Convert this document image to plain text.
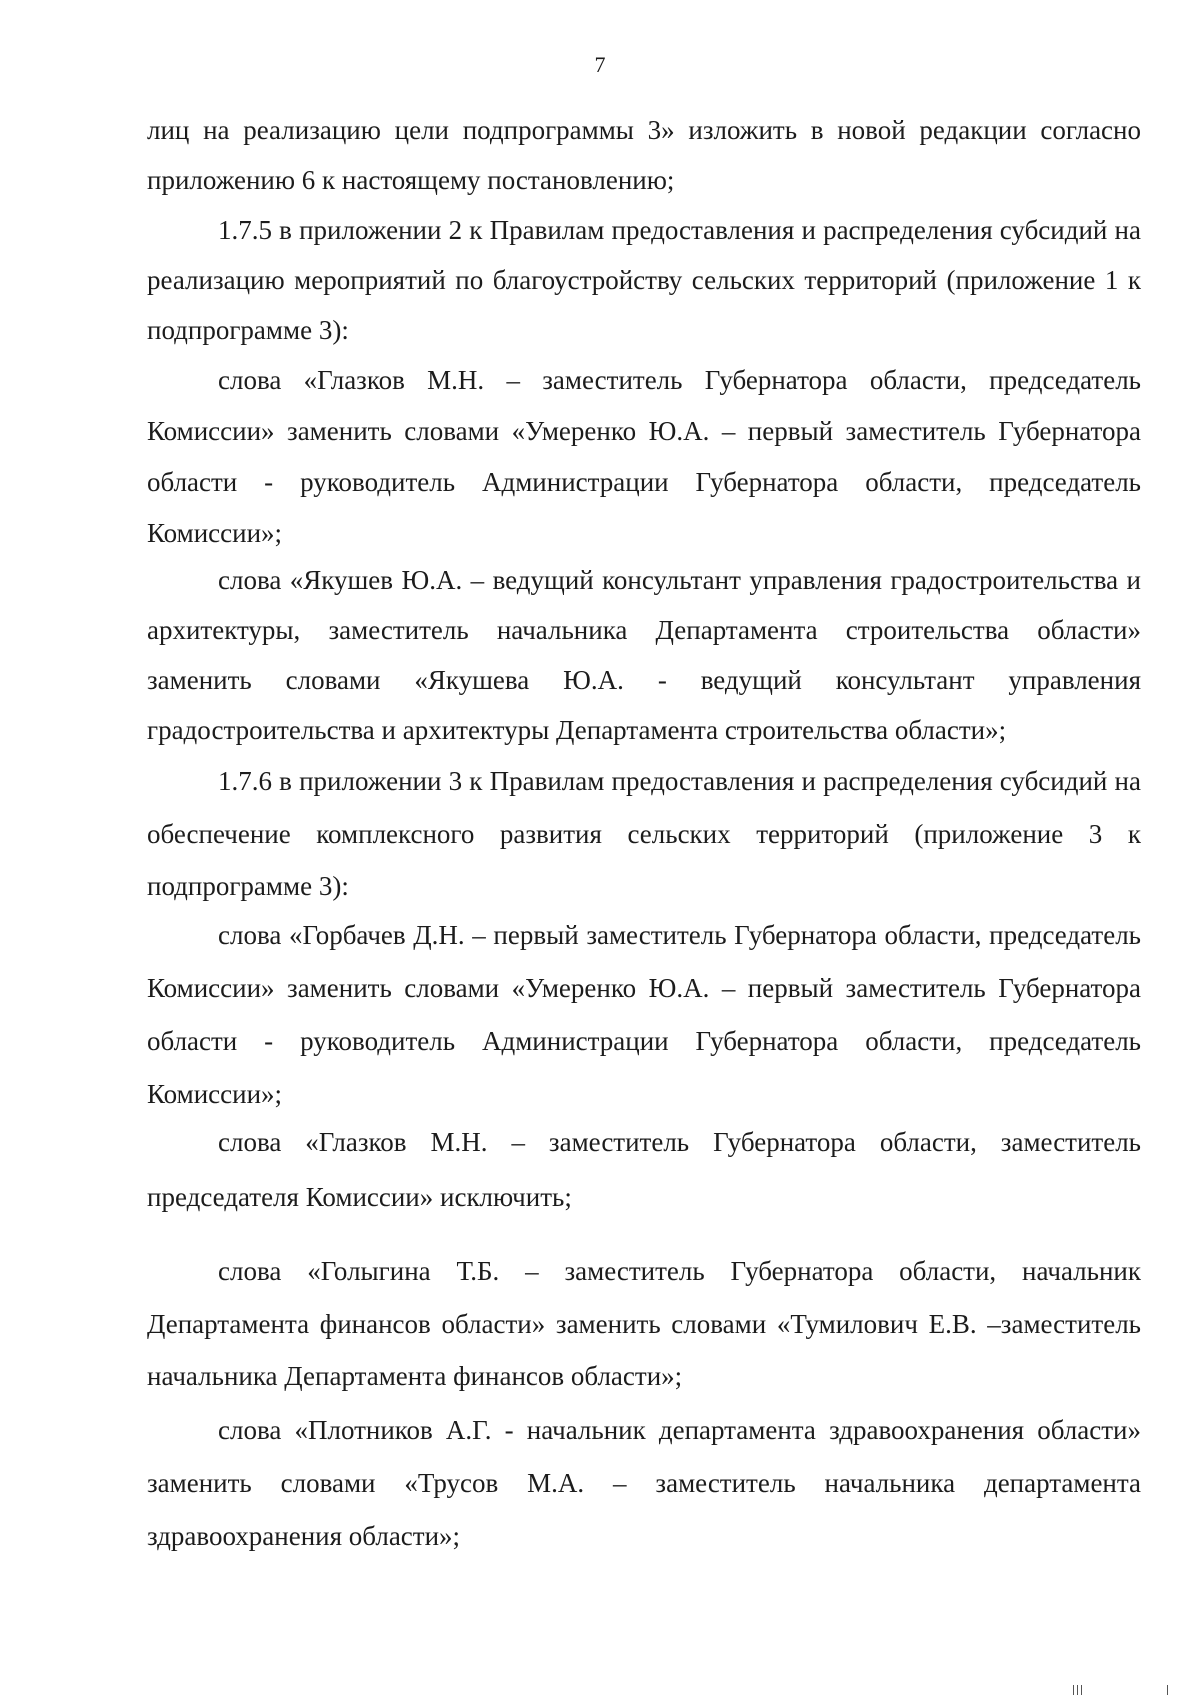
7

лиц на реализацию цели подпрограммы 3» изложить в новой редакции согласно приложению 6 к настоящему постановлению;

1.7.5 в приложении 2 к Правилам предоставления и распределения субсидий на реализацию мероприятий по благоустройству сельских территорий (приложение 1 к подпрограмме 3):

слова «Глазков М.Н. – заместитель Губернатора области, председатель Комиссии» заменить словами «Умеренко Ю.А. – первый заместитель Губернатора области - руководитель Администрации Губернатора области, председатель Комиссии»;

слова «Якушев Ю.А. – ведущий консультант управления градостроительства и архитектуры, заместитель начальника Департамента строительства области» заменить словами «Якушева Ю.А. - ведущий консультант управления градостроительства и архитектуры Департамента строительства области»;

1.7.6 в приложении 3 к Правилам предоставления и распределения субсидий на обеспечение комплексного развития сельских территорий (приложение 3 к подпрограмме 3):

слова «Горбачев Д.Н. – первый заместитель Губернатора области, председатель Комиссии» заменить словами «Умеренко Ю.А. – первый заместитель Губернатора области - руководитель Администрации Губернатора области, председатель Комиссии»;

слова «Глазков М.Н. – заместитель Губернатора области, заместитель председателя Комиссии» исключить;

слова «Голыгина Т.Б. – заместитель Губернатора области, начальник Департамента финансов области» заменить словами «Тумилович Е.В. –заместитель начальника Департамента финансов области»;

слова «Плотников А.Г. - начальник департамента здравоохранения области» заменить словами «Трусов М.А. – заместитель начальника департамента здравоохранения области»;
